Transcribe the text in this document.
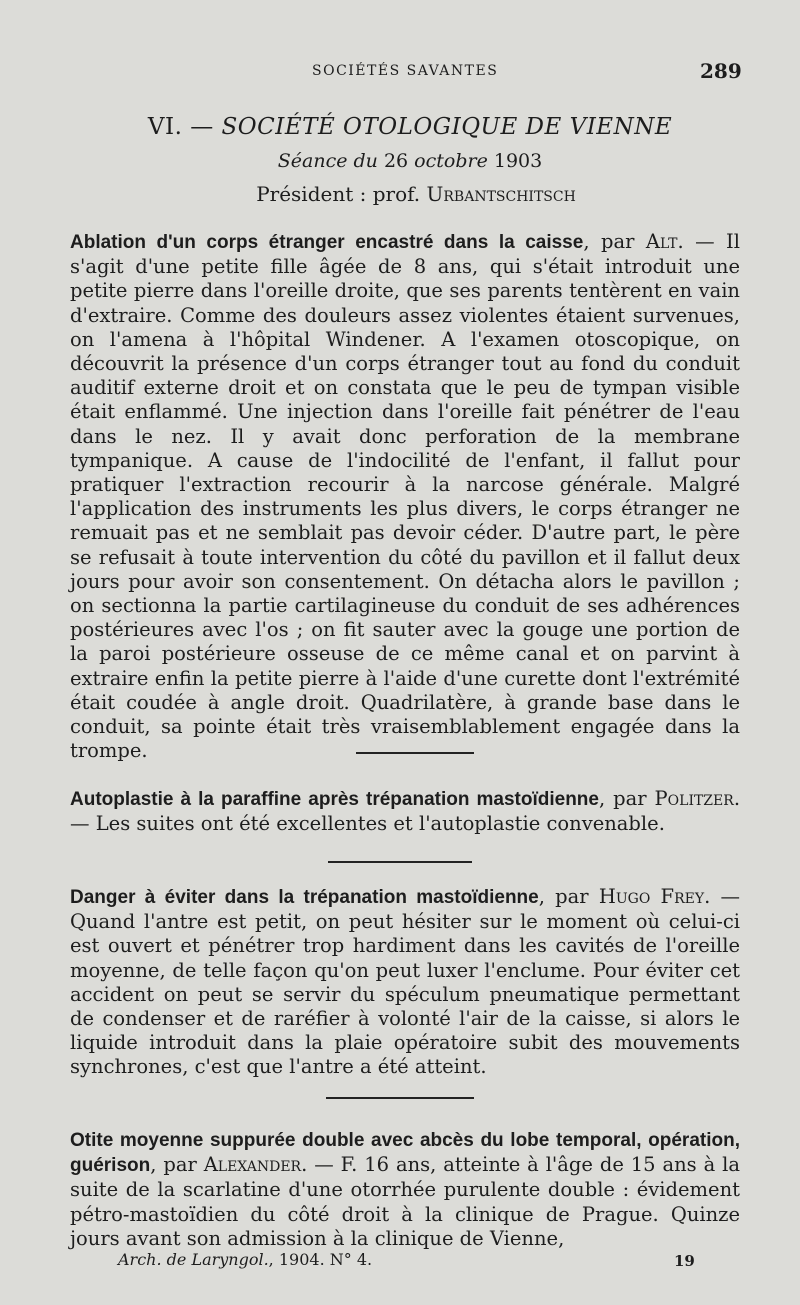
SOCIÉTÉS SAVANTES	289
VI. — SOCIÉTÉ OTOLOGIQUE DE VIENNE
Séance du 26 octobre 1903
Président : prof. Urbantschitsch

Ablation d'un corps étranger encastré dans la caisse, par Alt. — Il s'agit d'une petite fille âgée de 8 ans, qui s'était introduit une petite pierre dans l'oreille droite, que ses parents tentèrent en vain d'extraire. Comme des douleurs assez violentes étaient survenues, on l'amena à l'hôpital Windener. A l'examen otoscopique, on découvrit la présence d'un corps étranger tout au fond du conduit auditif externe droit et on constata que le peu de tympan visible était enflammé. Une injection dans l'oreille fait pénétrer de l'eau dans le nez. Il y avait donc perforation de la membrane tympanique. A cause de l'indocilité de l'enfant, il fallut pour pratiquer l'extraction recourir à la narcose générale. Malgré l'application des instruments les plus divers, le corps étranger ne remuait pas et ne semblait pas devoir céder. D'autre part, le père se refusait à toute intervention du côté du pavillon et il fallut deux jours pour avoir son consentement. On détacha alors le pavillon ; on sectionna la partie cartilagineuse du conduit de ses adhérences postérieures avec l'os ; on fit sauter avec la gouge une portion de la paroi postérieure osseuse de ce même canal et on parvint à extraire enfin la petite pierre à l'aide d'une curette dont l'extrémité était coudée à angle droit. Quadrilatère, à grande base dans le conduit, sa pointe était très vraisemblablement engagée dans la trompe.

Autoplastie à la paraffine après trépanation mastoïdienne, par Politzer. — Les suites ont été excellentes et l'autoplastie convenable.

Danger à éviter dans la trépanation mastoïdienne, par Hugo Frey. — Quand l'antre est petit, on peut hésiter sur le moment où celui-ci est ouvert et pénétrer trop hardiment dans les cavités de l'oreille moyenne, de telle façon qu'on peut luxer l'enclume. Pour éviter cet accident on peut se servir du spéculum pneumatique permettant de condenser et de raréfier à volonté l'air de la caisse, si alors le liquide introduit dans la plaie opératoire subit des mouvements synchrones, c'est que l'antre a été atteint.

Otite moyenne suppurée double avec abcès du lobe temporal, opération, guérison, par Alexander. — F. 16 ans, atteinte à l'âge de 15 ans à la suite de la scarlatine d'une otorrhée purulente double : évidement pétro-mastoïdien du côté droit à la clinique de Prague. Quinze jours avant son admission à la clinique de Vienne,

Arch. de Laryngol., 1904. N° 4.	19
